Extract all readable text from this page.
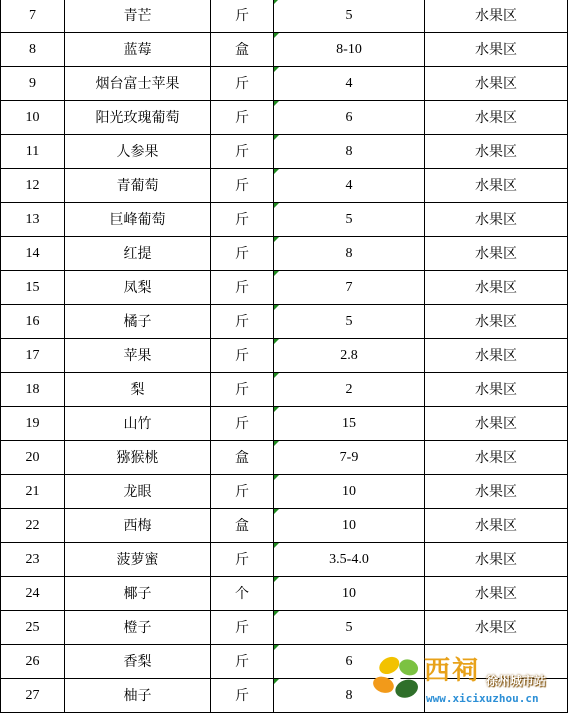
7	青芒	斤	5	水果区
8	蓝莓	盒	8-10	水果区
9	烟台富士苹果	斤	4	水果区
10	阳光玫瑰葡萄	斤	6	水果区
11	人参果	斤	8	水果区
12	青葡萄	斤	4	水果区
13	巨峰葡萄	斤	5	水果区
14	红提	斤	8	水果区
15	凤梨	斤	7	水果区
16	橘子	斤	5	水果区
17	苹果	斤	2.8	水果区
18	梨	斤	2	水果区
19	山竹	斤	15	水果区
20	猕猴桃	盒	7-9	水果区
21	龙眼	斤	10	水果区
22	西梅	盒	10	水果区
23	菠萝蜜	斤	3.5-4.0	水果区
24	椰子	个	10	水果区
25	橙子	斤	5	水果区
26	香梨	斤	6	
27	柚子	斤	8	
西祠 徐州城市站
www.xicixuzhou.cn
